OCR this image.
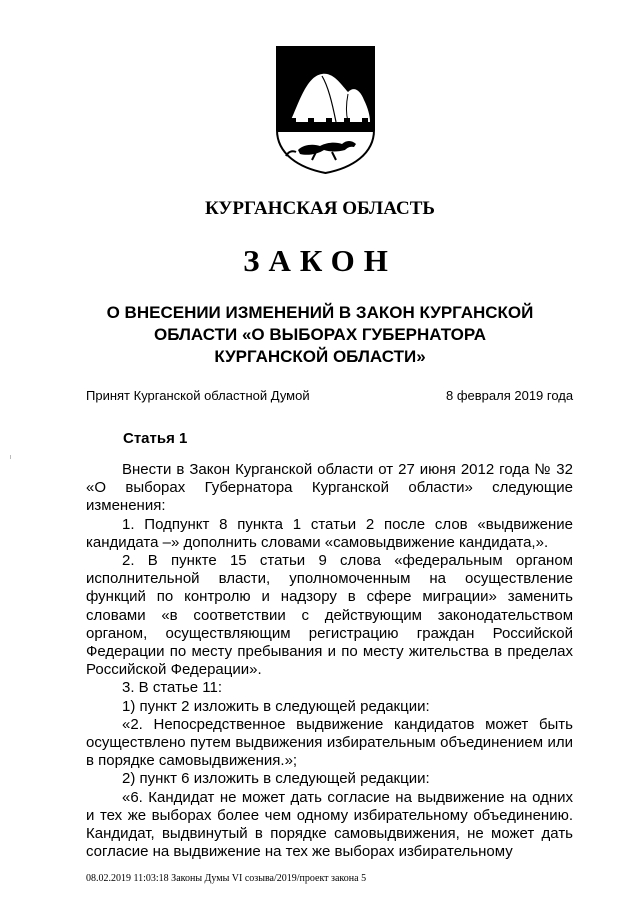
КУРГАНСКАЯ ОБЛАСТЬ
ЗАКОН
О ВНЕСЕНИИ ИЗМЕНЕНИЙ В ЗАКОН КУРГАНСКОЙ
ОБЛАСТИ «О ВЫБОРАХ ГУБЕРНАТОРА
КУРГАНСКОЙ ОБЛАСТИ»
Принят Курганской областной Думой	8 февраля 2019 года
Статья 1

Внести в Закон Курганской области от 27 июня 2012 года № 32 «О выборах Губернатора Курганской области» следующие изменения:

1. Подпункт 8 пункта 1 статьи 2 после слов «выдвижение кандидата –» дополнить словами «самовыдвижение кандидата,».

2. В пункте 15 статьи 9 слова «федеральным органом исполнительной власти, уполномоченным на осуществление функций по контролю и надзору в сфере миграции» заменить словами «в соответствии с действующим законодательством органом, осуществляющим регистрацию граждан Российской Федерации по месту пребывания и по месту жительства в пределах Российской Федерации».

3. В статье 11:

1) пункт 2 изложить в следующей редакции:

«2. Непосредственное выдвижение кандидатов может быть осуществлено путем выдвижения избирательным объединением или в порядке самовыдвижения.»;

2) пункт 6 изложить в следующей редакции:

«6. Кандидат не может дать согласие на выдвижение на одних и тех же выборах более чем одному избирательному объединению. Кандидат, выдвинутый в порядке самовыдвижения, не может дать согласие на выдвижение на тех же выборах избирательному

08.02.2019 11:03:18 Законы Думы VI созыва/2019/проект закона 5
